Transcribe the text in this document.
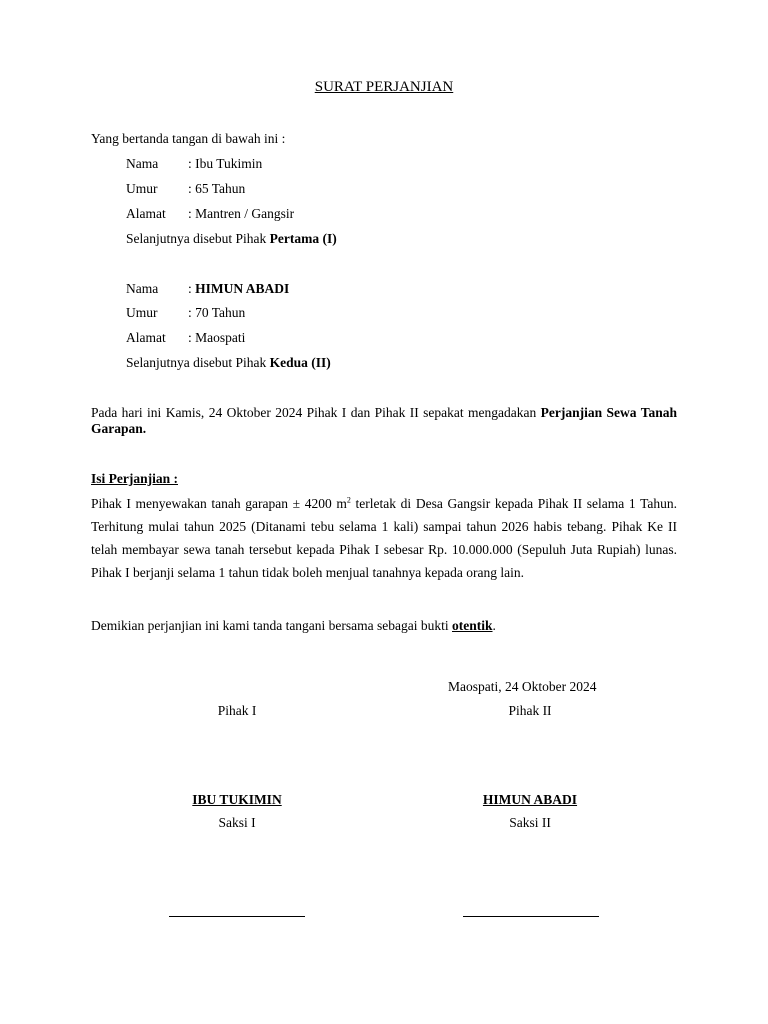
SURAT PERJANJIAN
Yang bertanda tangan di bawah ini :
Nama : Ibu Tukimin
Umur : 65 Tahun
Alamat : Mantren / Gangsir
Selanjutnya disebut Pihak Pertama (I)
Nama : HIMUN ABADI
Umur : 70 Tahun
Alamat : Maospati
Selanjutnya disebut Pihak Kedua (II)
Pada hari ini Kamis, 24 Oktober 2024 Pihak I dan Pihak II sepakat mengadakan Perjanjian Sewa Tanah Garapan.
Isi Perjanjian :
Pihak I menyewakan tanah garapan ± 4200 $m^2$ terletak di Desa Gangsir kepada Pihak II selama 1 Tahun. Terhitung mulai tahun 2025 (Ditanami tebu selama 1 kali) sampai tahun 2026 habis tebang. Pihak Ke II telah membayar sewa tanah tersebut kepada Pihak I sebesar Rp. 10.000.000 (Sepuluh Juta Rupiah) lunas. Pihak I berjanji selama 1 tahun tidak boleh menjual tanahnya kepada orang lain.
Demikian perjanjian ini kami tanda tangani bersama sebagai bukti otentik.
Maospati, 24 Oktober 2024
Pihak I	Pihak II
IBU TUKIMIN	HIMUN ABADI
Saksi I	Saksi II
